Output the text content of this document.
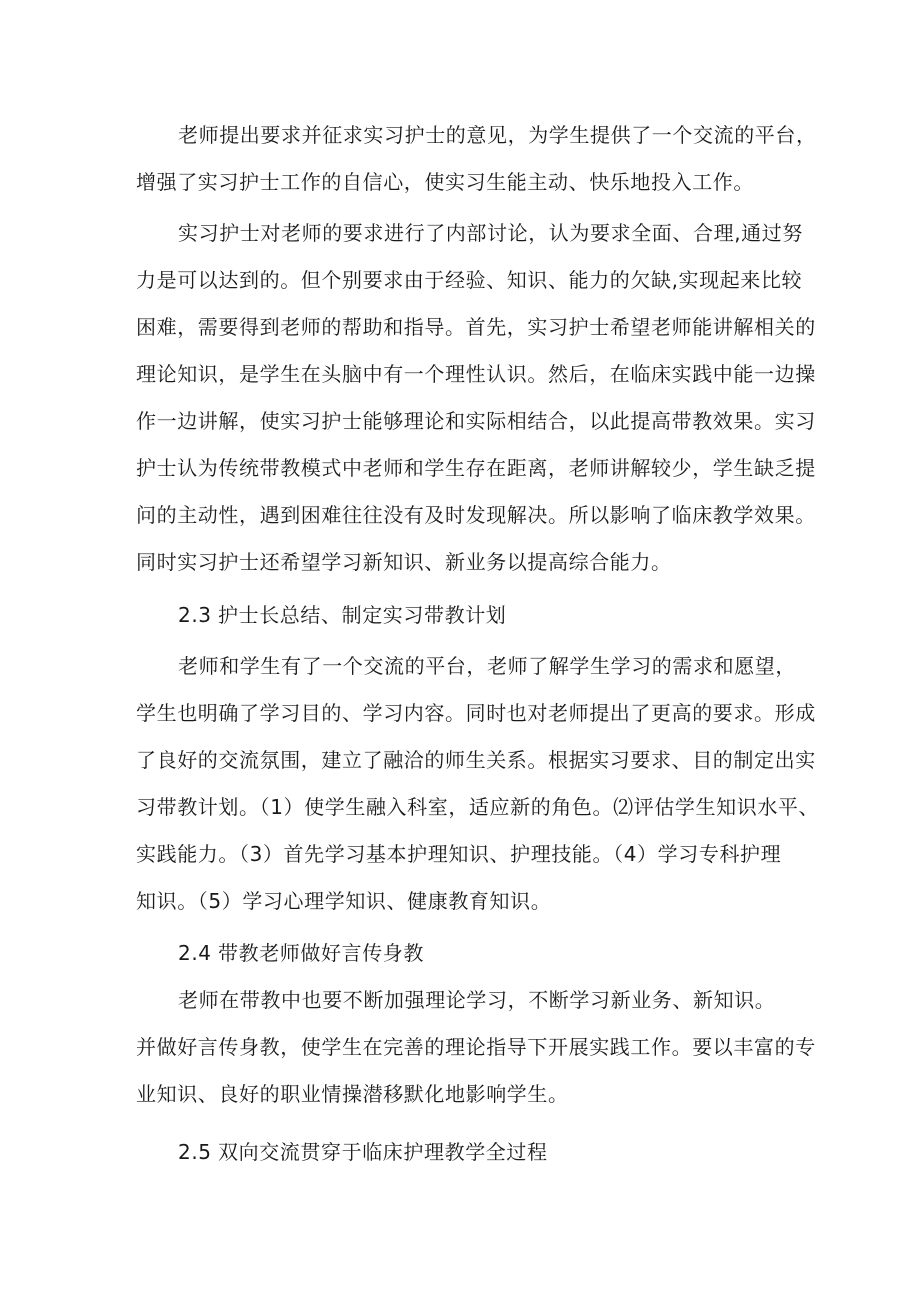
老师提出要求并征求实习护士的意见，为学生提供了一个交流的平台，
增强了实习护士工作的自信心，使实习生能主动、快乐地投入工作。
实习护士对老师的要求进行了内部讨论，认为要求全面、合理,通过努
力是可以达到的。但个别要求由于经验、知识、能力的欠缺,实现起来比较
困难，需要得到老师的帮助和指导。首先，实习护士希望老师能讲解相关的
理论知识，是学生在头脑中有一个理性认识。然后，在临床实践中能一边操
作一边讲解，使实习护士能够理论和实际相结合，以此提高带教效果。实习
护士认为传统带教模式中老师和学生存在距离，老师讲解较少，学生缺乏提
问的主动性，遇到困难往往没有及时发现解决。所以影响了临床教学效果。
同时实习护士还希望学习新知识、新业务以提高综合能力。
2.3 护士长总结、制定实习带教计划
老师和学生有了一个交流的平台，老师了解学生学习的需求和愿望，
学生也明确了学习目的、学习内容。同时也对老师提出了更高的要求。形成
了良好的交流氛围，建立了融洽的师生关系。根据实习要求、目的制定出实
习带教计划。（1）使学生融入科室，适应新的角色。⑵评估学生知识水平、
实践能力。（3）首先学习基本护理知识、护理技能。（4）学习专科护理
知识。（5）学习心理学知识、健康教育知识。
2.4 带教老师做好言传身教
老师在带教中也要不断加强理论学习，不断学习新业务、新知识。
并做好言传身教，使学生在完善的理论指导下开展实践工作。要以丰富的专
业知识、良好的职业情操潜移默化地影响学生。
2.5 双向交流贯穿于临床护理教学全过程
